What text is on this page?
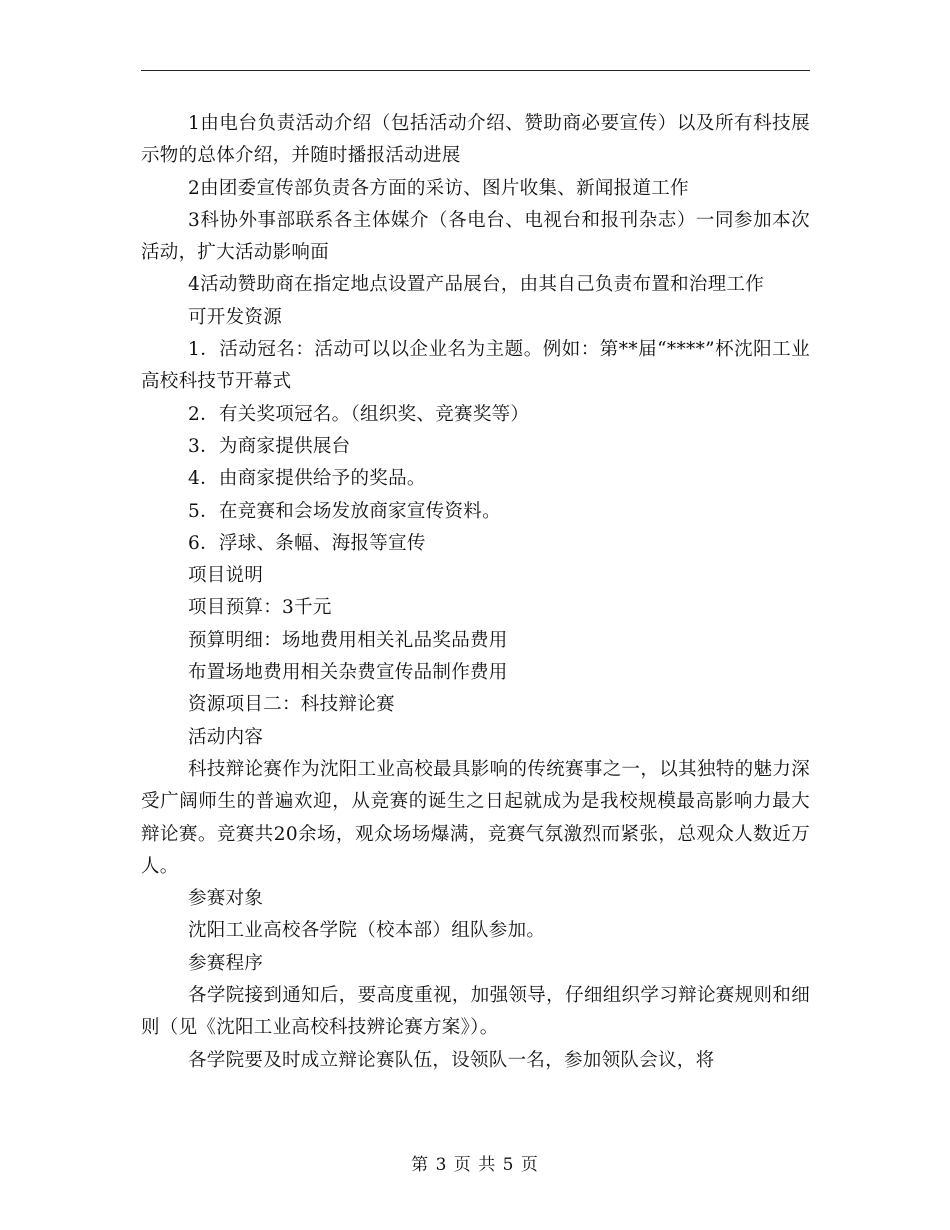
1由电台负责活动介绍（包括活动介绍、赞助商必要宣传）以及所有科技展示物的总体介绍，并随时播报活动进展

2由团委宣传部负责各方面的采访、图片收集、新闻报道工作

3科协外事部联系各主体媒介（各电台、电视台和报刊杂志）一同参加本次活动，扩大活动影响面

4活动赞助商在指定地点设置产品展台，由其自己负责布置和治理工作

可开发资源

1．活动冠名：活动可以以企业名为主题。例如：第**届“****”杯沈阳工业高校科技节开幕式

2．有关奖项冠名。（组织奖、竞赛奖等）

3．为商家提供展台

4．由商家提供给予的奖品。

5．在竞赛和会场发放商家宣传资料。

6．浮球、条幅、海报等宣传

项目说明

项目预算：3千元

预算明细：场地费用相关礼品奖品费用

布置场地费用相关杂费宣传品制作费用

资源项目二：科技辩论赛

活动内容

科技辩论赛作为沈阳工业高校最具影响的传统赛事之一，以其独特的魅力深受广阔师生的普遍欢迎，从竞赛的诞生之日起就成为是我校规模最高影响力最大辩论赛。竞赛共20余场，观众场场爆满，竞赛气氛激烈而紧张，总观众人数近万人。

参赛对象

沈阳工业高校各学院（校本部）组队参加。

参赛程序

各学院接到通知后，要高度重视，加强领导，仔细组织学习辩论赛规则和细则（见《沈阳工业高校科技辨论赛方案》）。

各学院要及时成立辩论赛队伍，设领队一名，参加领队会议，将

第 3 页 共 5 页
